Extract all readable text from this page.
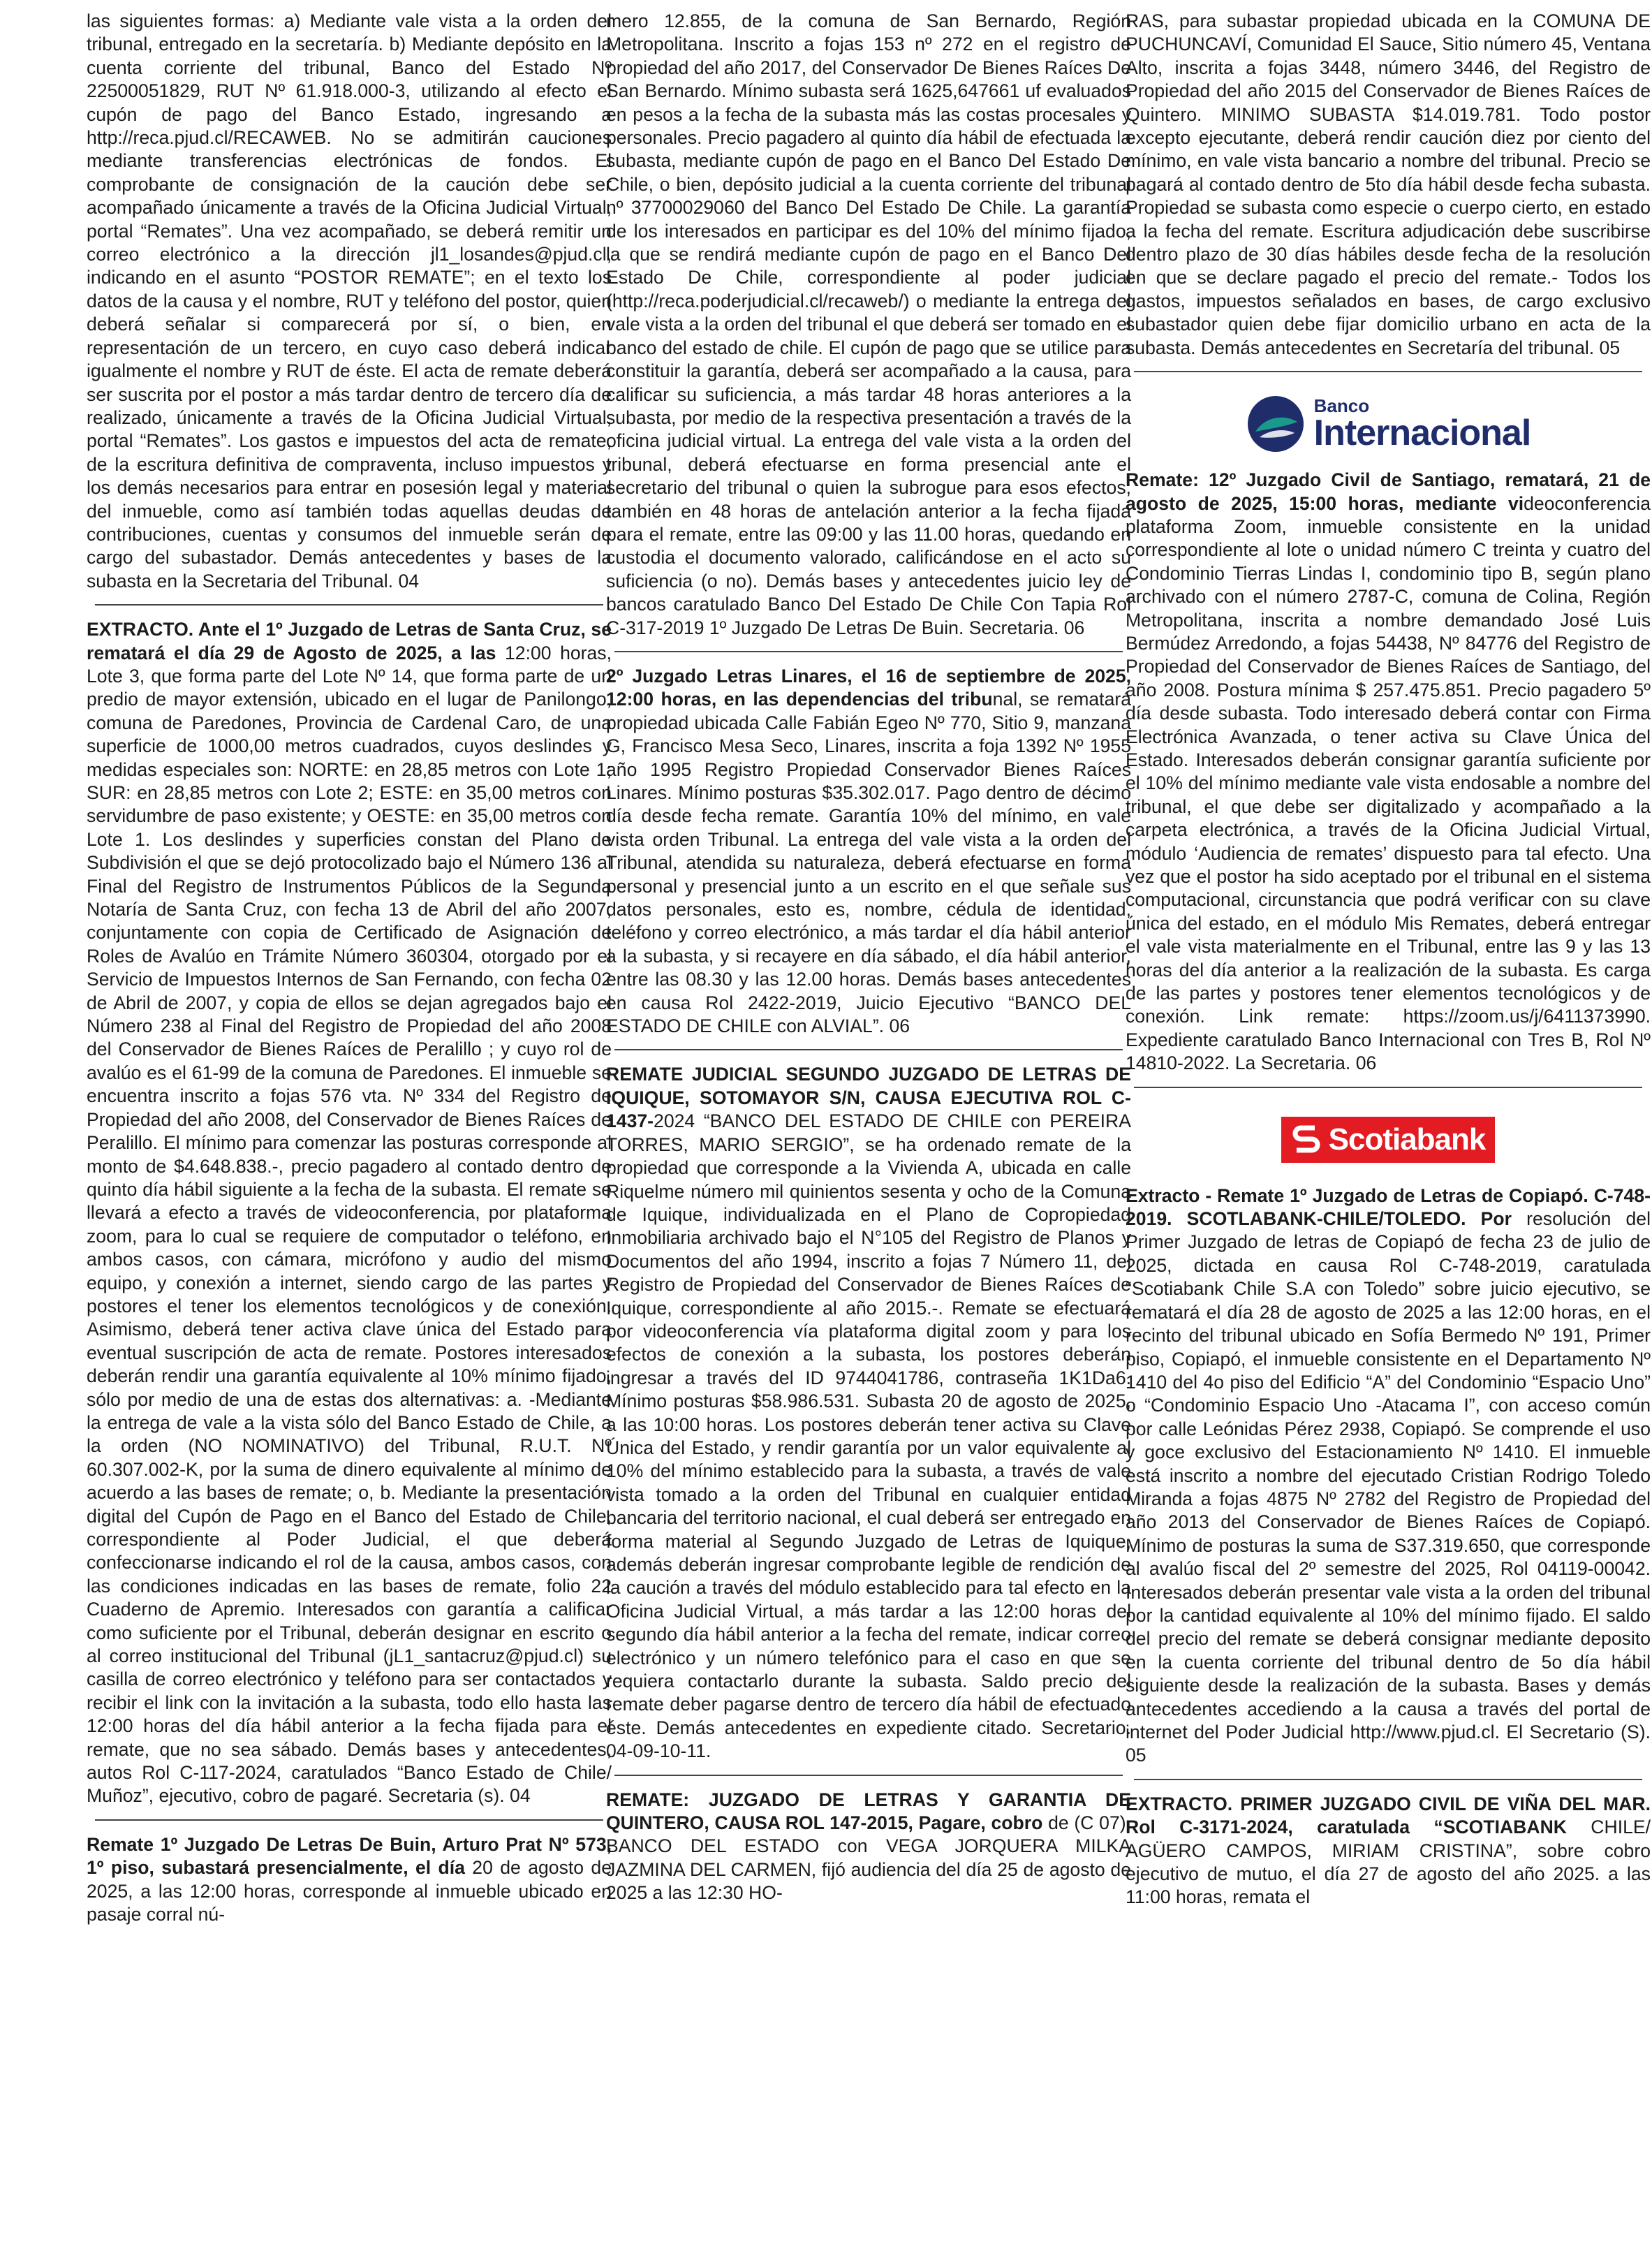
las siguientes formas: a) Mediante vale vista a la orden del tribunal, entregado en la secretaría. b) Mediante depósito en la cuenta corriente del tribunal, Banco del Estado Nº 22500051829, RUT Nº 61.918.000-3, utilizando al efecto el cupón de pago del Banco Estado, ingresando a http://reca.pjud.cl/RECAWEB. No se admitirán cauciones mediante transferencias electrónicas de fondos. El comprobante de consignación de la caución debe ser acompañado únicamente a través de la Oficina Judicial Virtual, portal “Remates”. Una vez acompañado, se deberá remitir un correo electrónico a la dirección jl1_losandes@pjud.cl, indicando en el asunto “POSTOR REMATE”; en el texto los datos de la causa y el nombre, RUT y teléfono del postor, quien deberá señalar si comparecerá por sí, o bien, en representación de un tercero, en cuyo caso deberá indicar igualmente el nombre y RUT de éste. El acta de remate deberá ser suscrita por el postor a más tardar dentro de tercero día de realizado, únicamente a través de la Oficina Judicial Virtual, portal “Remates”. Los gastos e impuestos del acta de remate, de la escritura definitiva de compraventa, incluso impuestos y los demás necesarios para entrar en posesión legal y material del inmueble, como así también todas aquellas deudas de contribuciones, cuentas y consumos del inmueble serán de cargo del subastador. Demás antecedentes y bases de la subasta en la Secretaria del Tribunal. 04

EXTRACTO. Ante el 1º Juzgado de Letras de Santa Cruz, se rematará el día 29 de Agosto de 2025, a las 12:00 horas, Lote 3, que forma parte del Lote Nº 14, que forma parte de un predio de mayor extensión, ubicado en el lugar de Panilongo, comuna de Paredones, Provincia de Cardenal Caro, de una superficie de 1000,00 metros cuadrados, cuyos deslindes y medidas especiales son: NORTE: en 28,85 metros con Lote 1; SUR: en 28,85 metros con Lote 2; ESTE: en 35,00 metros con servidumbre de paso existente; y OESTE: en 35,00 metros con Lote 1. Los deslindes y superficies constan del Plano de Subdivisión el que se dejó protocolizado bajo el Número 136 al Final del Registro de Instrumentos Públicos de la Segunda Notaría de Santa Cruz, con fecha 13 de Abril del año 2007; conjuntamente con copia de Certificado de Asignación de Roles de Avalúo en Trámite Número 360304, otorgado por el Servicio de Impuestos Internos de San Fernando, con fecha 02 de Abril de 2007, y copia de ellos se dejan agregados bajo el Número 238 al Final del Registro de Propiedad del año 2008 del Conservador de Bienes Raíces de Peralillo ; y cuyo rol de avalúo es el 61-99 de la comuna de Paredones. El inmueble se encuentra inscrito a fojas 576 vta. Nº 334 del Registro de Propiedad del año 2008, del Conservador de Bienes Raíces de Peralillo. El mínimo para comenzar las posturas corresponde al monto de $4.648.838.-, precio pagadero al contado dentro de quinto día hábil siguiente a la fecha de la subasta. El remate se llevará a efecto a través de videoconferencia, por plataforma zoom, para lo cual se requiere de computador o teléfono, en ambos casos, con cámara, micrófono y audio del mismo equipo, y conexión a internet, siendo cargo de las partes y postores el tener los elementos tecnológicos y de conexión. Asimismo, deberá tener activa clave única del Estado para eventual suscripción de acta de remate. Postores interesados deberán rendir una garantía equivalente al 10% mínimo fijado, sólo por medio de una de estas dos alternativas: a. -Mediante la entrega de vale a la vista sólo del Banco Estado de Chile, a la orden (NO NOMINATIVO) del Tribunal, R.U.T. Nº 60.307.002-K, por la suma de dinero equivalente al mínimo de acuerdo a las bases de remate; o, b. Mediante la presentación digital del Cupón de Pago en el Banco del Estado de Chile, correspondiente al Poder Judicial, el que deberá confeccionarse indicando el rol de la causa, ambos casos, con las condiciones indicadas en las bases de remate, folio 22 Cuaderno de Apremio. Interesados con garantía a calificar como suficiente por el Tribunal, deberán designar en escrito o al correo institucional del Tribunal (jL1_santacruz@pjud.cl) su casilla de correo electrónico y teléfono para ser contactados y recibir el link con la invitación a la subasta, todo ello hasta las 12:00 horas del día hábil anterior a la fecha fijada para el remate, que no sea sábado. Demás bases y antecedentes, autos Rol C-117-2024, caratulados “Banco Estado de Chile/ Muñoz”, ejecutivo, cobro de pagaré. Secretaria (s). 04

Remate 1º Juzgado De Letras De Buin, Arturo Prat Nº 573, 1º piso, subastará presencialmente, el día 20 de agosto de 2025, a las 12:00 horas, corresponde al inmueble ubicado en pasaje corral nú-

mero 12.855, de la comuna de San Bernardo, Región Metropolitana. Inscrito a fojas 153 nº 272 en el registro de propiedad del año 2017, del Conservador De Bienes Raíces De San Bernardo. Mínimo subasta será 1625,647661 uf evaluados en pesos a la fecha de la subasta más las costas procesales y personales. Precio pagadero al quinto día hábil de efectuada la subasta, mediante cupón de pago en el Banco Del Estado De Chile, o bien, depósito judicial a la cuenta corriente del tribunal nº 37700029060 del Banco Del Estado De Chile. La garantía de los interesados en participar es del 10% del mínimo fijado, la que se rendirá mediante cupón de pago en el Banco Del Estado De Chile, correspondiente al poder judicial (http://reca.poderjudicial.cl/recaweb/) o mediante la entrega del vale vista a la orden del tribunal el que deberá ser tomado en el banco del estado de chile. El cupón de pago que se utilice para constituir la garantía, deberá ser acompañado a la causa, para calificar su suficiencia, a más tardar 48 horas anteriores a la subasta, por medio de la respectiva presentación a través de la oficina judicial virtual. La entrega del vale vista a la orden del tribunal, deberá efectuarse en forma presencial ante el secretario del tribunal o quien la subrogue para esos efectos, también en 48 horas de antelación anterior a la fecha fijada para el remate, entre las 09:00 y las 11.00 horas, quedando en custodia el documento valorado, calificándose en el acto su suficiencia (o no). Demás bases y antecedentes juicio ley de bancos caratulado Banco Del Estado De Chile Con Tapia Rol C-317-2019 1º Juzgado De Letras De Buin. Secretaria. 06

2º Juzgado Letras Linares, el 16 de septiembre de 2025, 12:00 horas, en las dependencias del tribunal, se rematará propiedad ubicada Calle Fabián Egeo Nº 770, Sitio 9, manzana G, Francisco Mesa Seco, Linares, inscrita a foja 1392 Nº 1955 año 1995 Registro Propiedad Conservador Bienes Raíces Linares. Mínimo posturas $35.302.017. Pago dentro de décimo día desde fecha remate. Garantía 10% del mínimo, en vale vista orden Tribunal. La entrega del vale vista a la orden del Tribunal, atendida su naturaleza, deberá efectuarse en forma personal y presencial junto a un escrito en el que señale sus datos personales, esto es, nombre, cédula de identidad, teléfono y correo electrónico, a más tardar el día hábil anterior a la subasta, y si recayere en día sábado, el día hábil anterior, entre las 08.30 y las 12.00 horas. Demás bases antecedentes en causa Rol 2422-2019, Juicio Ejecutivo “BANCO DEL ESTADO DE CHILE con ALVIAL”. 06

REMATE JUDICIAL SEGUNDO JUZGADO DE LETRAS DE IQUIQUE, SOTOMAYOR S/N, CAUSA EJECUTIVA ROL C-1437-2024 “BANCO DEL ESTADO DE CHILE con PEREIRA TORRES, MARIO SERGIO”, se ha ordenado remate de la propiedad que corresponde a la Vivienda A, ubicada en calle Riquelme número mil quinientos sesenta y ocho de la Comuna de Iquique, individualizada en el Plano de Copropiedad Inmobiliaria archivado bajo el N°105 del Registro de Planos y Documentos del año 1994, inscrito a fojas 7 Número 11, del Registro de Propiedad del Conservador de Bienes Raíces de Iquique, correspondiente al año 2015.-. Remate se efectuará por videoconferencia vía plataforma digital zoom y para los efectos de conexión a la subasta, los postores deberán ingresar a través del ID 9744041786, contraseña 1K1Da6. Mínimo posturas $58.986.531. Subasta 20 de agosto de 2025, a las 10:00 horas. Los postores deberán tener activa su Clave Única del Estado, y rendir garantía por un valor equivalente al 10% del mínimo establecido para la subasta, a través de vale vista tomado a la orden del Tribunal en cualquier entidad bancaria del territorio nacional, el cual deberá ser entregado en forma material al Segundo Juzgado de Letras de Iquique, además deberán ingresar comprobante legible de rendición de la caución a través del módulo establecido para tal efecto en la Oficina Judicial Virtual, a más tardar a las 12:00 horas del segundo día hábil anterior a la fecha del remate, indicar correo electrónico y un número telefónico para el caso en que se requiera contactarlo durante la subasta. Saldo precio del remate deber pagarse dentro de tercero día hábil de efectuado éste. Demás antecedentes en expediente citado. Secretario. 04-09-10-11.

REMATE: JUZGADO DE LETRAS Y GARANTIA DE QUINTERO, CAUSA ROL 147-2015, Pagare, cobro de (C 07), BANCO DEL ESTADO con VEGA JORQUERA MILKA JAZMINA DEL CARMEN, fijó audiencia del día 25 de agosto de 2025 a las 12:30 HO-

RAS, para subastar propiedad ubicada en la COMUNA DE PUCHUNCAVÍ, Comunidad El Sauce, Sitio número 45, Ventana Alto, inscrita a fojas 3448, número 3446, del Registro de Propiedad del año 2015 del Conservador de Bienes Raíces de Quintero. MINIMO SUBASTA $14.019.781. Todo postor excepto ejecutante, deberá rendir caución diez por ciento del mínimo, en vale vista bancario a nombre del tribunal. Precio se pagará al contado dentro de 5to día hábil desde fecha subasta. Propiedad se subasta como especie o cuerpo cierto, en estado a la fecha del remate. Escritura adjudicación debe suscribirse dentro plazo de 30 días hábiles desde fecha de la resolución en que se declare pagado el precio del remate.- Todos los gastos, impuestos señalados en bases, de cargo exclusivo subastador quien debe fijar domicilio urbano en acta de la subasta. Demás antecedentes en Secretaría del tribunal. 05

Banco
Internacional

Remate: 12º Juzgado Civil de Santiago, rematará, 21 de agosto de 2025, 15:00 horas, mediante videoconferencia plataforma Zoom, inmueble consistente en la unidad correspondiente al lote o unidad número C treinta y cuatro del Condominio Tierras Lindas I, condominio tipo B, según plano archivado con el número 2787-C, comuna de Colina, Región Metropolitana, inscrita a nombre demandado José Luis Bermúdez Arredondo, a fojas 54438, Nº 84776 del Registro de Propiedad del Conservador de Bienes Raíces de Santiago, del año 2008. Postura mínima $ 257.475.851. Precio pagadero 5º día desde subasta. Todo interesado deberá contar con Firma Electrónica Avanzada, o tener activa su Clave Única del Estado. Interesados deberán consignar garantía suficiente por el 10% del mínimo mediante vale vista endosable a nombre del tribunal, el que debe ser digitalizado y acompañado a la carpeta electrónica, a través de la Oficina Judicial Virtual, módulo ‘Audiencia de remates’ dispuesto para tal efecto. Una vez que el postor ha sido aceptado por el tribunal en el sistema computacional, circunstancia que podrá verificar con su clave única del estado, en el módulo Mis Remates, deberá entregar el vale vista materialmente en el Tribunal, entre las 9 y las 13 horas del día anterior a la realización de la subasta. Es carga de las partes y postores tener elementos tecnológicos y de conexión. Link remate: https://zoom.us/j/6411373990. Expediente caratulado Banco Internacional con Tres B, Rol Nº 14810-2022. La Secretaria. 06

Scotiabank

Extracto - Remate 1º Juzgado de Letras de Copiapó. C-748-2019. SCOTLABANK-CHILE/TOLEDO. Por resolución del Primer Juzgado de letras de Copiapó de fecha 23 de julio de 2025, dictada en causa Rol C-748-2019, caratulada “Scotiabank Chile S.A con Toledo” sobre juicio ejecutivo, se rematará el día 28 de agosto de 2025 a las 12:00 horas, en el recinto del tribunal ubicado en Sofía Bermedo Nº 191, Primer piso, Copiapó, el inmueble consistente en el Departamento Nº 1410 del 4o piso del Edificio “A” del Condominio “Espacio Uno” o “Condominio Espacio Uno -Atacama I”, con acceso común por calle Leónidas Pérez 2938, Copiapó. Se comprende el uso y goce exclusivo del Estacionamiento Nº 1410. El inmueble está inscrito a nombre del ejecutado Cristian Rodrigo Toledo Miranda a fojas 4875 Nº 2782 del Registro de Propiedad del año 2013 del Conservador de Bienes Raíces de Copiapó. Mínimo de posturas la suma de S37.319.650, que corresponde al avalúo fiscal del 2º semestre del 2025, Rol 04119-00042. Interesados deberán presentar vale vista a la orden del tribunal por la cantidad equivalente al 10% del mínimo fijado. El saldo del precio del remate se deberá consignar mediante deposito en la cuenta corriente del tribunal dentro de 5o día hábil siguiente desde la realización de la subasta. Bases y demás antecedentes accediendo a la causa a través del portal de internet del Poder Judicial http://www.pjud.cl. El Secretario (S). 05

EXTRACTO. PRIMER JUZGADO CIVIL DE VIÑA DEL MAR. Rol C-3171-2024, caratulada “SCOTIABANK CHILE/ AGÜERO CAMPOS, MIRIAM CRISTINA”, sobre cobro ejecutivo de mutuo, el día 27 de agosto del año 2025. a las 11:00 horas, remata el
